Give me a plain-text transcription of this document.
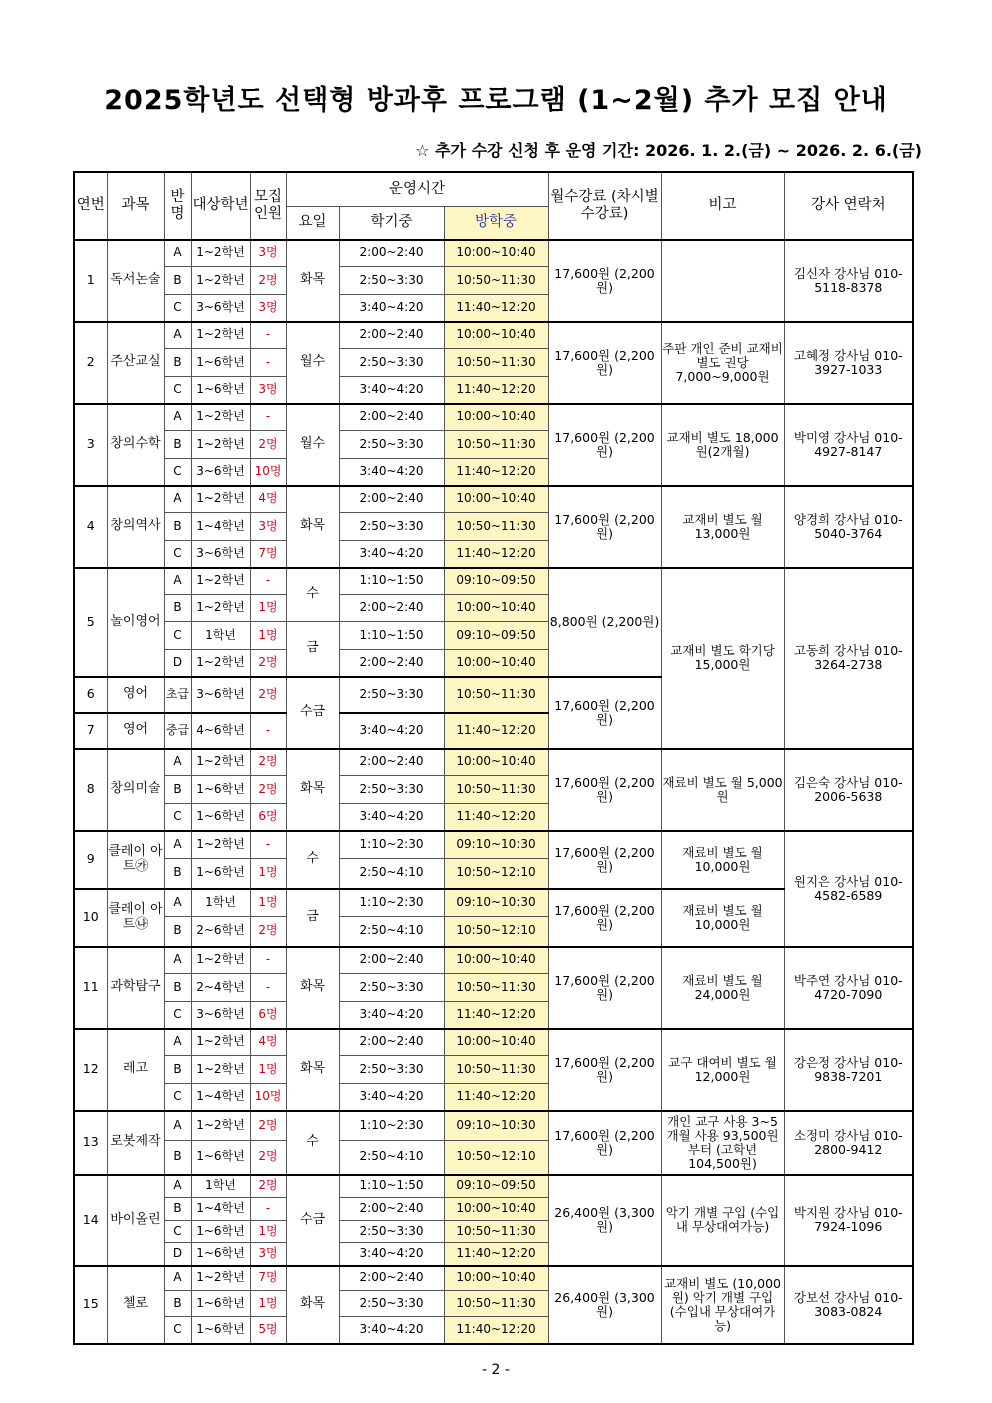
2025학년도 선택형 방과후 프로그램 (1~2월) 추가 모집 안내
☆ 추가 수강 신청 후 운영 기간: 2026. 1. 2.(금) ~ 2026. 2. 6.(금)
연번	과목	반명	대상학년	모집인원	운영시간			월수강료 (차시별 수강료)	비고	강사 연락처
					요일	학기중	방학중			
1	독서논술	A	1~2학년	3명	화목	2:00~2:40	10:00~10:40	17,600원 (2,200원)		김신자 강사님 010-5118-8378
		B	1~2학년	2명		2:50~3:30	10:50~11:30			
		C	3~6학년	3명		3:40~4:20	11:40~12:20			
2	주산교실	A	1~2학년	-	월수	2:00~2:40	10:00~10:40	17,600원 (2,200원)	주판 개인 준비 교재비 별도 권당 7,000~9,000원	고혜정 강사님 010-3927-1033
		B	1~6학년	-		2:50~3:30	10:50~11:30			
		C	1~6학년	3명		3:40~4:20	11:40~12:20			
3	창의수학	A	1~2학년	-	월수	2:00~2:40	10:00~10:40	17,600원 (2,200원)	교재비 별도 18,000원(2개월)	박미영 강사님 010-4927-8147
		B	1~2학년	2명		2:50~3:30	10:50~11:30			
		C	3~6학년	10명		3:40~4:20	11:40~12:20			
4	창의역사	A	1~2학년	4명	화목	2:00~2:40	10:00~10:40	17,600원 (2,200원)	교재비 별도 월 13,000원	양경희 강사님 010-5040-3764
		B	1~4학년	3명		2:50~3:30	10:50~11:30			
		C	3~6학년	7명		3:40~4:20	11:40~12:20			
5	놀이영어	A	1~2학년	-	수	1:10~1:50	09:10~09:50	8,800원 (2,200원)	교재비 별도 학기당 15,000원	고동희 강사님 010-3264-2738
		B	1~2학년	1명		2:00~2:40	10:00~10:40			
		C	1학년	1명	금	1:10~1:50	09:10~09:50			
		D	1~2학년	2명		2:00~2:40	10:00~10:40			
6	영어	초급	3~6학년	2명	수금	2:50~3:30	10:50~11:30	17,600원 (2,200원)		
7	영어	중급	4~6학년	-		3:40~4:20	11:40~12:20			
8	창의미술	A	1~2학년	2명	화목	2:00~2:40	10:00~10:40	17,600원 (2,200원)	재료비 별도 월 5,000원	김은숙 강사님 010-2006-5638
		B	1~6학년	2명		2:50~3:30	10:50~11:30			
		C	1~6학년	6명		3:40~4:20	11:40~12:20			
9	클레이 아트㉮	A	1~2학년	-	수	1:10~2:30	09:10~10:30	17,600원 (2,200원)	재료비 별도 월 10,000원	원지은 강사님 010-4582-6589
		B	1~6학년	1명		2:50~4:10	10:50~12:10			
10	클레이 아트㉯	A	1학년	1명	금	1:10~2:30	09:10~10:30	17,600원 (2,200원)	재료비 별도 월 10,000원	
		B	2~6학년	2명		2:50~4:10	10:50~12:10			
11	과학탐구	A	1~2학년	-	화목	2:00~2:40	10:00~10:40	17,600원 (2,200원)	재료비 별도 월 24,000원	박주연 강사님 010-4720-7090
		B	2~4학년	-		2:50~3:30	10:50~11:30			
		C	3~6학년	6명		3:40~4:20	11:40~12:20			
12	레고	A	1~2학년	4명	화목	2:00~2:40	10:00~10:40	17,600원 (2,200원)	교구 대여비 별도 월 12,000원	강은정 강사님 010-9838-7201
		B	1~2학년	1명		2:50~3:30	10:50~11:30			
		C	1~4학년	10명		3:40~4:20	11:40~12:20			
13	로봇제작	A	1~2학년	2명	수	1:10~2:30	09:10~10:30	17,600원 (2,200원)	개인 교구 사용 3~5개월 사용 93,500원부터 (고학년 104,500원)	소정미 강사님 010-2800-9412
		B	1~6학년	2명		2:50~4:10	10:50~12:10			
14	바이올린	A	1학년	2명	수금	1:10~1:50	09:10~09:50	26,400원 (3,300원)	악기 개별 구입 (수입내 무상대여가능)	박지원 강사님 010-7924-1096
		B	1~4학년	-		2:00~2:40	10:00~10:40			
		C	1~6학년	1명		2:50~3:30	10:50~11:30			
		D	1~6학년	3명		3:40~4:20	11:40~12:20			
15	첼로	A	1~2학년	7명	화목	2:00~2:40	10:00~10:40	26,400원 (3,300원)	교재비 별도 (10,000원) 악기 개별 구입 (수입내 무상대여가능)	강보선 강사님 010-3083-0824
		B	1~6학년	1명		2:50~3:30	10:50~11:30			
		C	1~6학년	5명		3:40~4:20	11:40~12:20			
- 2 -
